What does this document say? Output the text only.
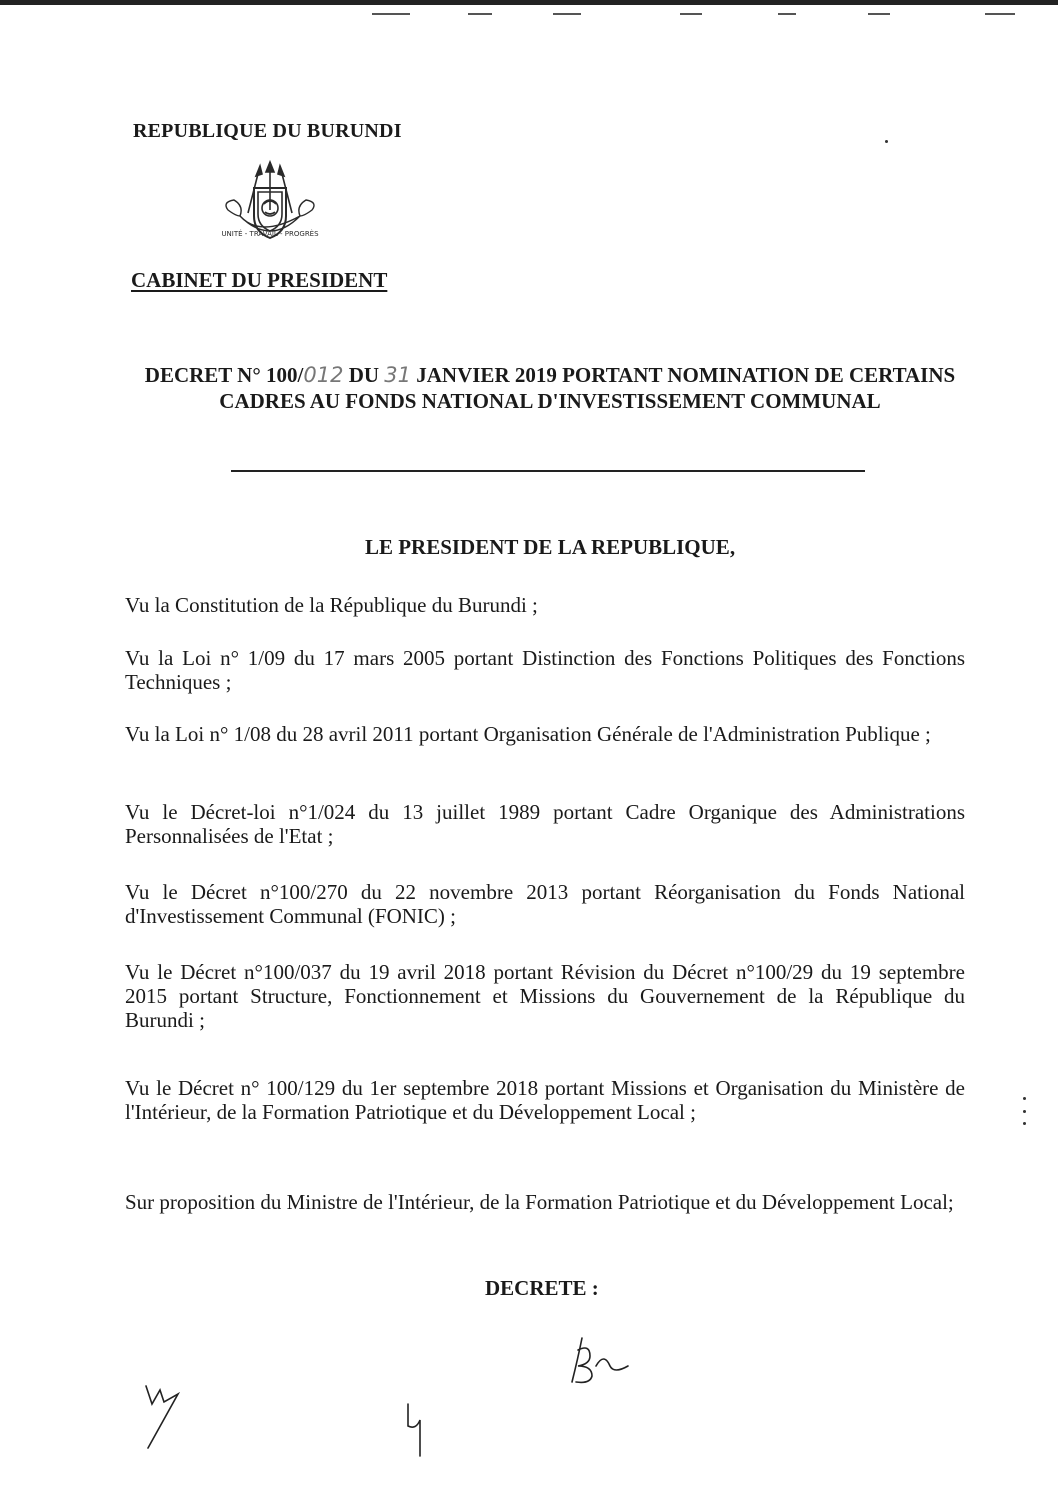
REPUBLIQUE DU BURUNDI
UNITÉ - TRAVAIL - PROGRÈS
CABINET DU PRESIDENT
DECRET N° 100/012 DU 31 JANVIER 2019 PORTANT NOMINATION DE CERTAINS CADRES AU FONDS NATIONAL D'INVESTISSEMENT COMMUNAL
LE PRESIDENT DE LA REPUBLIQUE,
Vu la Constitution de la République du Burundi ;
Vu la Loi n° 1/09 du 17 mars 2005 portant Distinction des Fonctions Politiques des Fonctions Techniques ;
Vu la Loi n° 1/08 du 28 avril 2011 portant Organisation Générale de l'Administration Publique ;
Vu le Décret-loi n°1/024 du 13 juillet 1989 portant Cadre Organique des Administrations Personnalisées de l'Etat ;
Vu le Décret n°100/270 du 22 novembre 2013 portant Réorganisation du Fonds National d'Investissement Communal (FONIC) ;
Vu le Décret n°100/037 du 19 avril 2018 portant Révision du Décret n°100/29 du 19 septembre 2015 portant Structure, Fonctionnement et Missions du Gouvernement de la République du Burundi ;
Vu le Décret n° 100/129 du 1er septembre 2018 portant Missions et Organisation du Ministère de l'Intérieur, de la Formation Patriotique et du Développement Local ;
Sur proposition du Ministre de l'Intérieur, de la Formation Patriotique et du Développement Local;
DECRETE :
